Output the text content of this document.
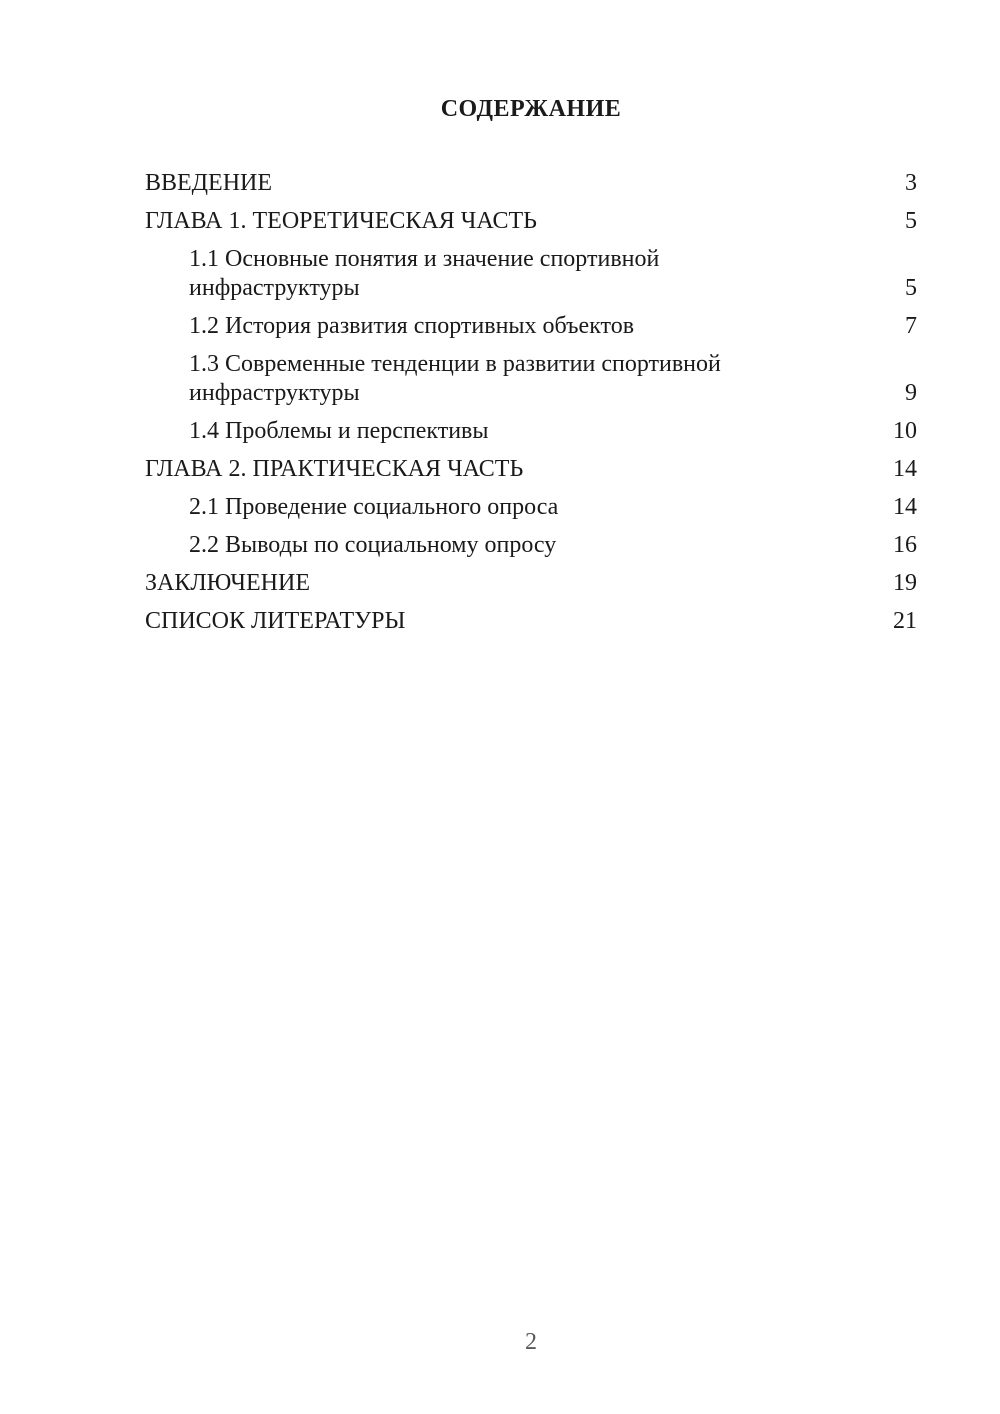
СОДЕРЖАНИЕ
ВВЕДЕНИЕ	3
ГЛАВА 1. ТЕОРЕТИЧЕСКАЯ ЧАСТЬ	5
1.1 Основные понятия и значение спортивной
инфраструктуры	5
1.2 История развития спортивных объектов	7
1.3 Современные тенденции в развитии спортивной
инфраструктуры	9
1.4 Проблемы и перспективы	10
ГЛАВА 2. ПРАКТИЧЕСКАЯ ЧАСТЬ	14
2.1 Проведение социального опроса	14
2.2 Выводы по социальному опросу	16
ЗАКЛЮЧЕНИЕ	19
СПИСОК ЛИТЕРАТУРЫ	21
2
